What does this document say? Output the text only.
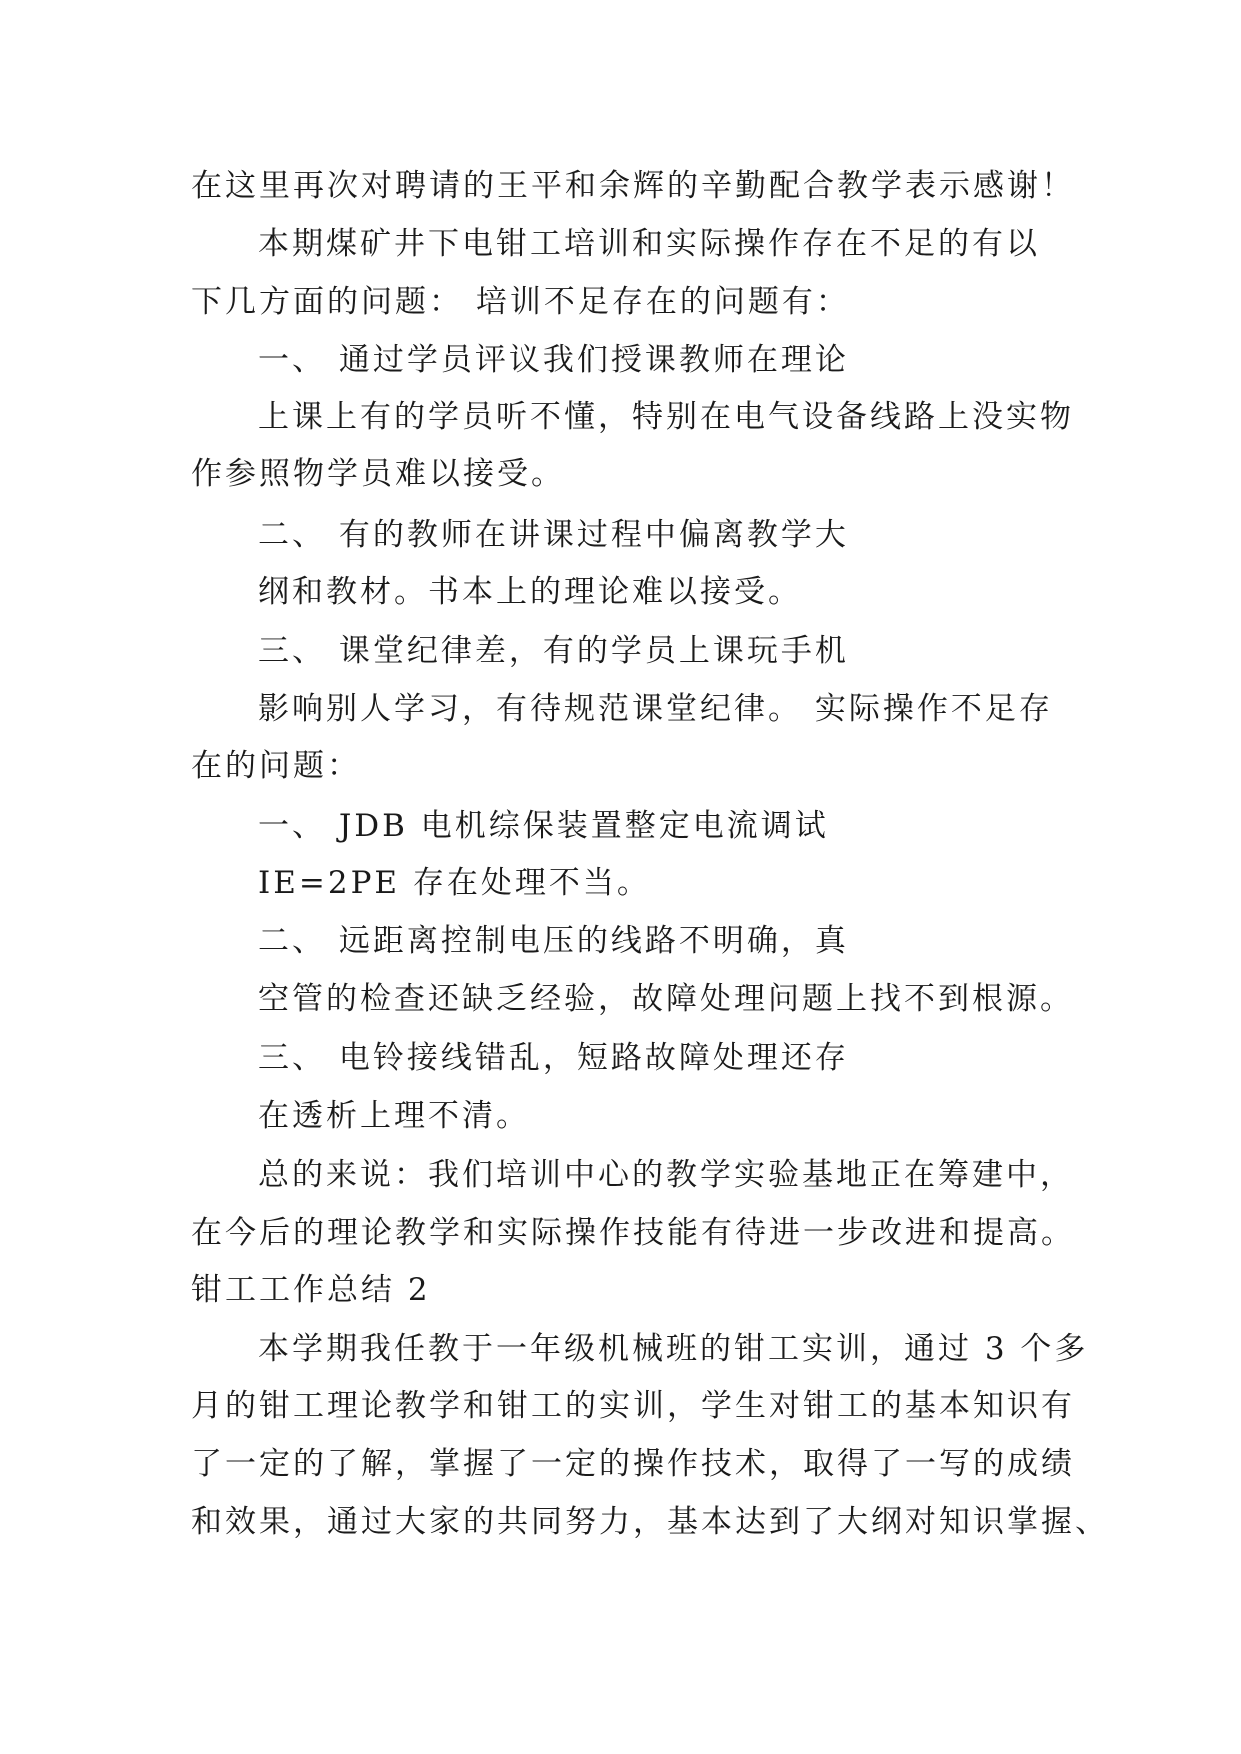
在这里再次对聘请的王平和余辉的辛勤配合教学表示感谢！
本期煤矿井下电钳工培训和实际操作存在不足的有以
下几方面的问题： 培训不足存在的问题有：
一、 通过学员评议我们授课教师在理论
上课上有的学员听不懂，特别在电气设备线路上没实物
作参照物学员难以接受。
二、 有的教师在讲课过程中偏离教学大
纲和教材。书本上的理论难以接受。
三、 课堂纪律差，有的学员上课玩手机
影响别人学习，有待规范课堂纪律。 实际操作不足存
在的问题：
一、 JDB 电机综保装置整定电流调试
IE=2PE 存在处理不当。
二、 远距离控制电压的线路不明确，真
空管的检查还缺乏经验，故障处理问题上找不到根源。
三、 电铃接线错乱，短路故障处理还存
在透析上理不清。
总的来说：我们培训中心的教学实验基地正在筹建中，
在今后的理论教学和实际操作技能有待进一步改进和提高。
钳工工作总结 2
本学期我任教于一年级机械班的钳工实训，通过 3 个多
月的钳工理论教学和钳工的实训，学生对钳工的基本知识有
了一定的了解，掌握了一定的操作技术，取得了一写的成绩
和效果，通过大家的共同努力，基本达到了大纲对知识掌握、
